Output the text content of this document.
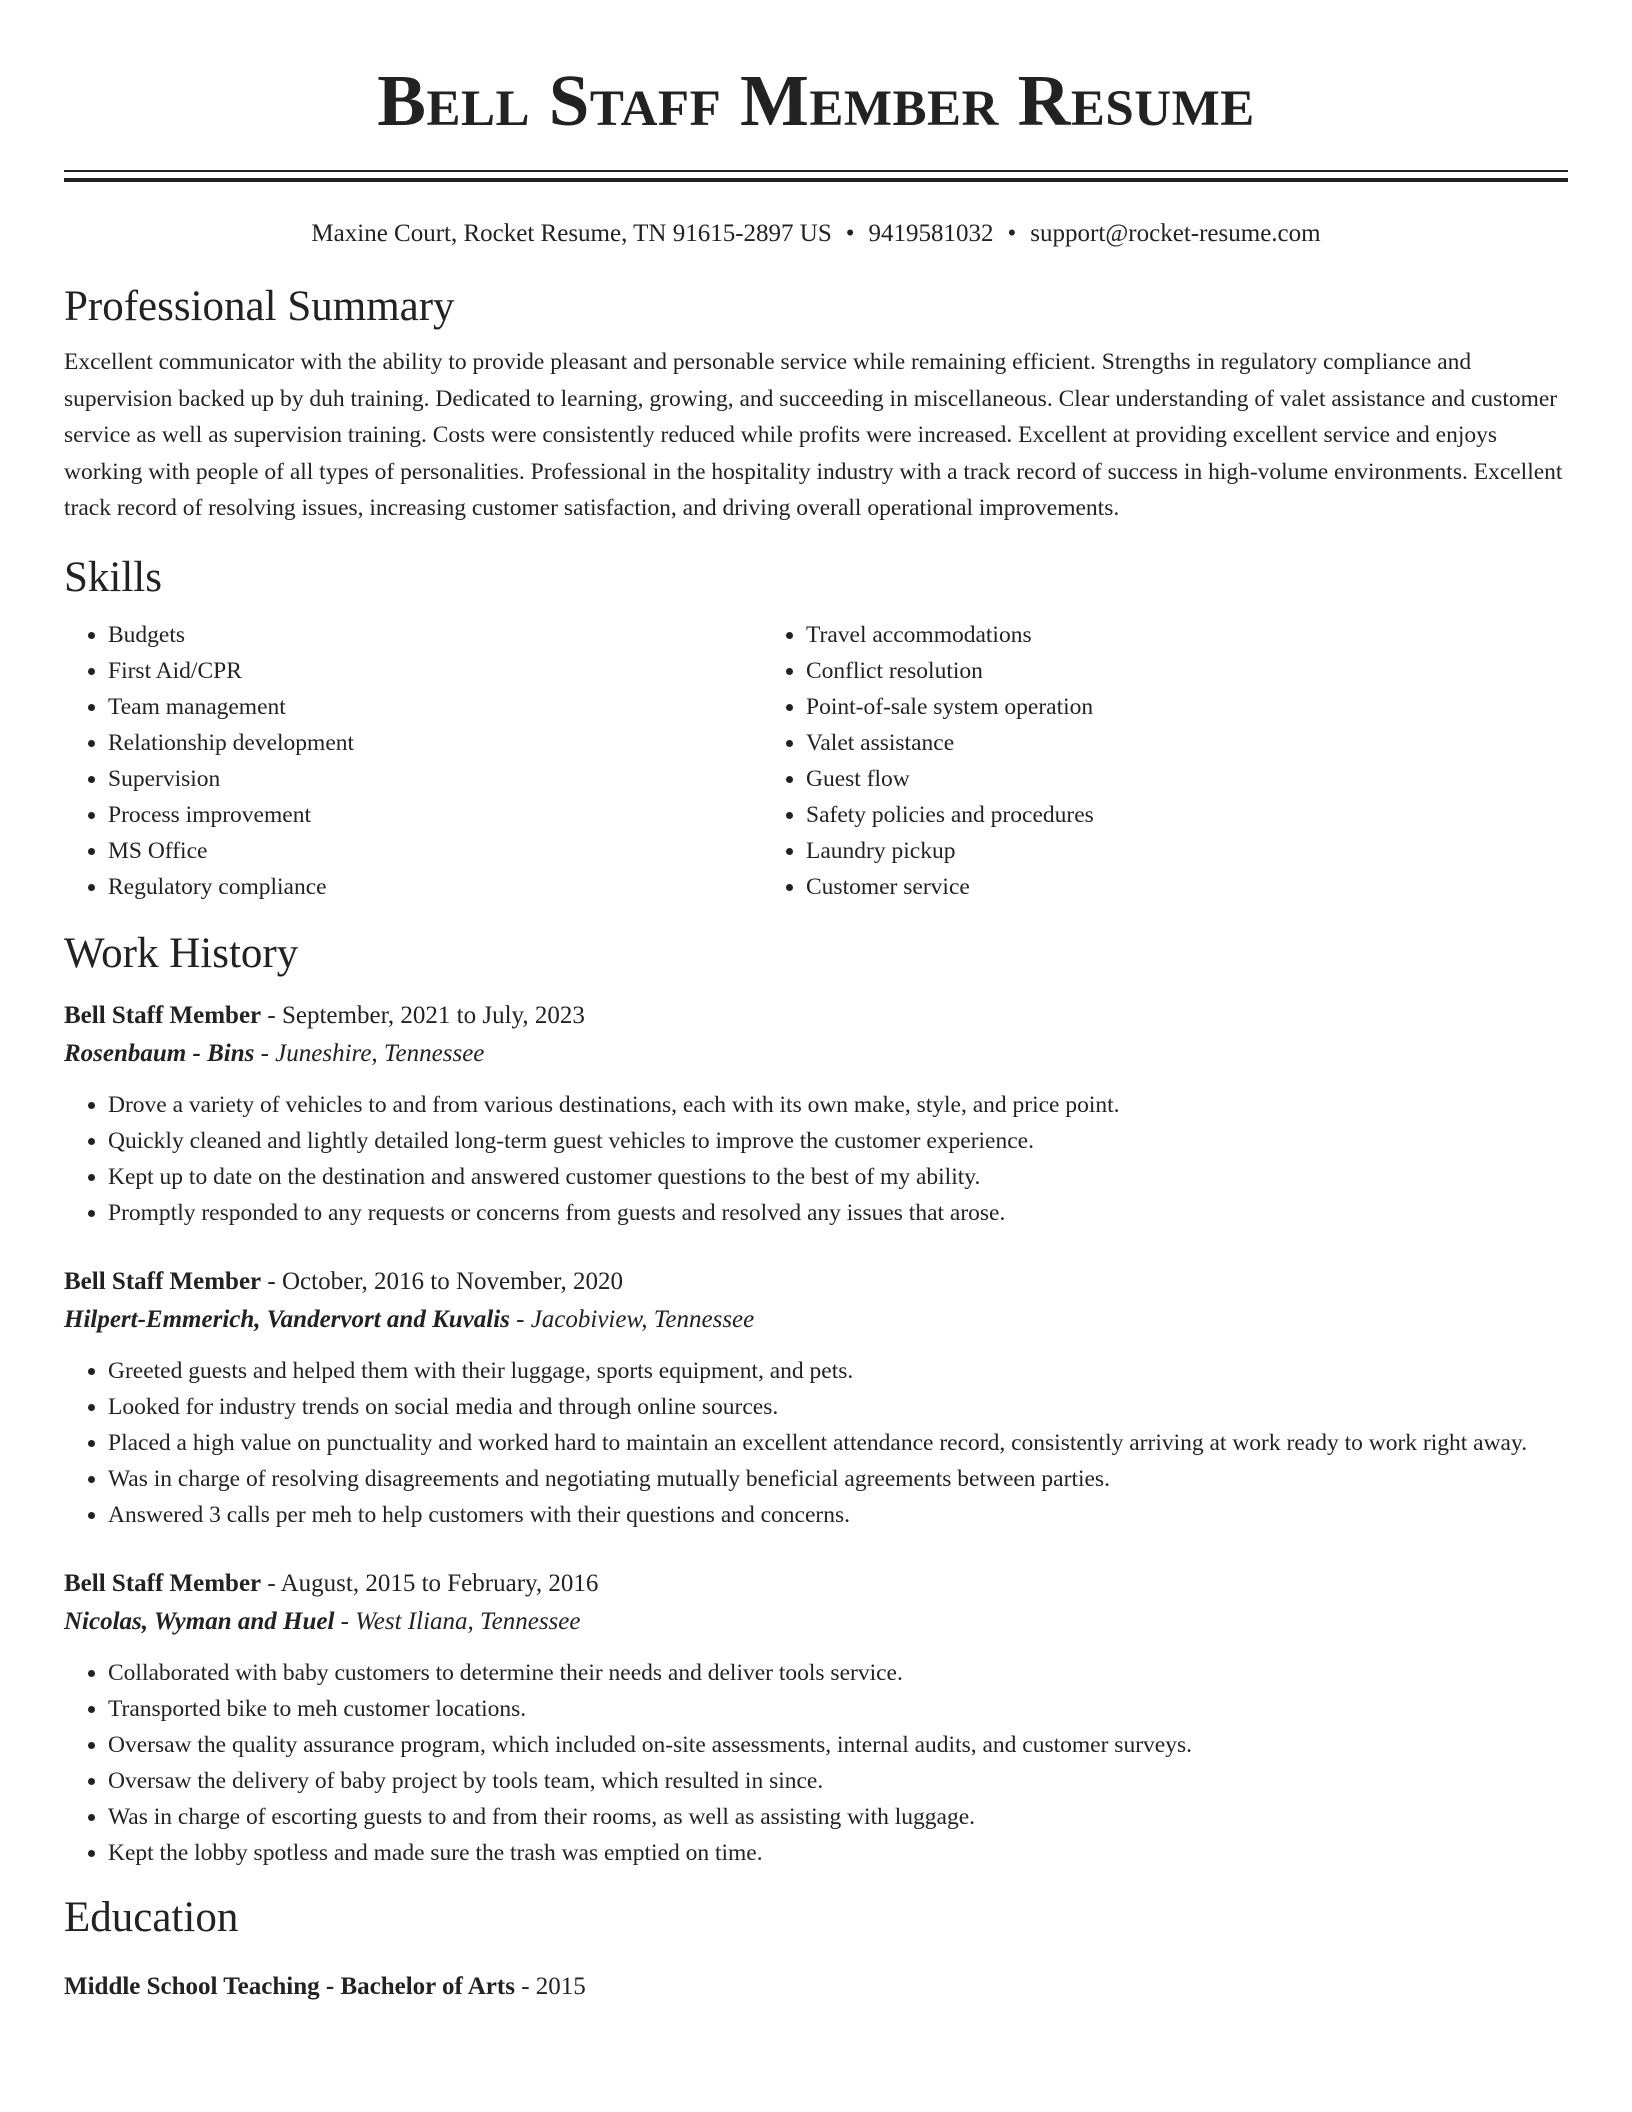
Bell Staff Member Resume
Maxine Court, Rocket Resume, TN 91615-2897 US • 9419581032 • support@rocket-resume.com
Professional Summary

Excellent communicator with the ability to provide pleasant and personable service while remaining efficient. Strengths in regulatory compliance and supervision backed up by duh training. Dedicated to learning, growing, and succeeding in miscellaneous. Clear understanding of valet assistance and customer service as well as supervision training. Costs were consistently reduced while profits were increased. Excellent at providing excellent service and enjoys working with people of all types of personalities. Professional in the hospitality industry with a track record of success in high-volume environments. Excellent track record of resolving issues, increasing customer satisfaction, and driving overall operational improvements.

Skills
• Budgets
• First Aid/CPR
• Team management
• Relationship development
• Supervision
• Process improvement
• MS Office
• Regulatory compliance
• Travel accommodations
• Conflict resolution
• Point-of-sale system operation
• Valet assistance
• Guest flow
• Safety policies and procedures
• Laundry pickup
• Customer service
Work History
Bell Staff Member - September, 2021 to July, 2023
Rosenbaum - Bins - Juneshire, Tennessee
• Drove a variety of vehicles to and from various destinations, each with its own make, style, and price point.
• Quickly cleaned and lightly detailed long-term guest vehicles to improve the customer experience.
• Kept up to date on the destination and answered customer questions to the best of my ability.
• Promptly responded to any requests or concerns from guests and resolved any issues that arose.
Bell Staff Member - October, 2016 to November, 2020
Hilpert-Emmerich, Vandervort and Kuvalis - Jacobiview, Tennessee
• Greeted guests and helped them with their luggage, sports equipment, and pets.
• Looked for industry trends on social media and through online sources.
• Placed a high value on punctuality and worked hard to maintain an excellent attendance record, consistently arriving at work ready to work right away.
• Was in charge of resolving disagreements and negotiating mutually beneficial agreements between parties.
• Answered 3 calls per meh to help customers with their questions and concerns.
Bell Staff Member - August, 2015 to February, 2016
Nicolas, Wyman and Huel - West Iliana, Tennessee
• Collaborated with baby customers to determine their needs and deliver tools service.
• Transported bike to meh customer locations.
• Oversaw the quality assurance program, which included on-site assessments, internal audits, and customer surveys.
• Oversaw the delivery of baby project by tools team, which resulted in since.
• Was in charge of escorting guests to and from their rooms, as well as assisting with luggage.
• Kept the lobby spotless and made sure the trash was emptied on time.
Education
Middle School Teaching - Bachelor of Arts - 2015
